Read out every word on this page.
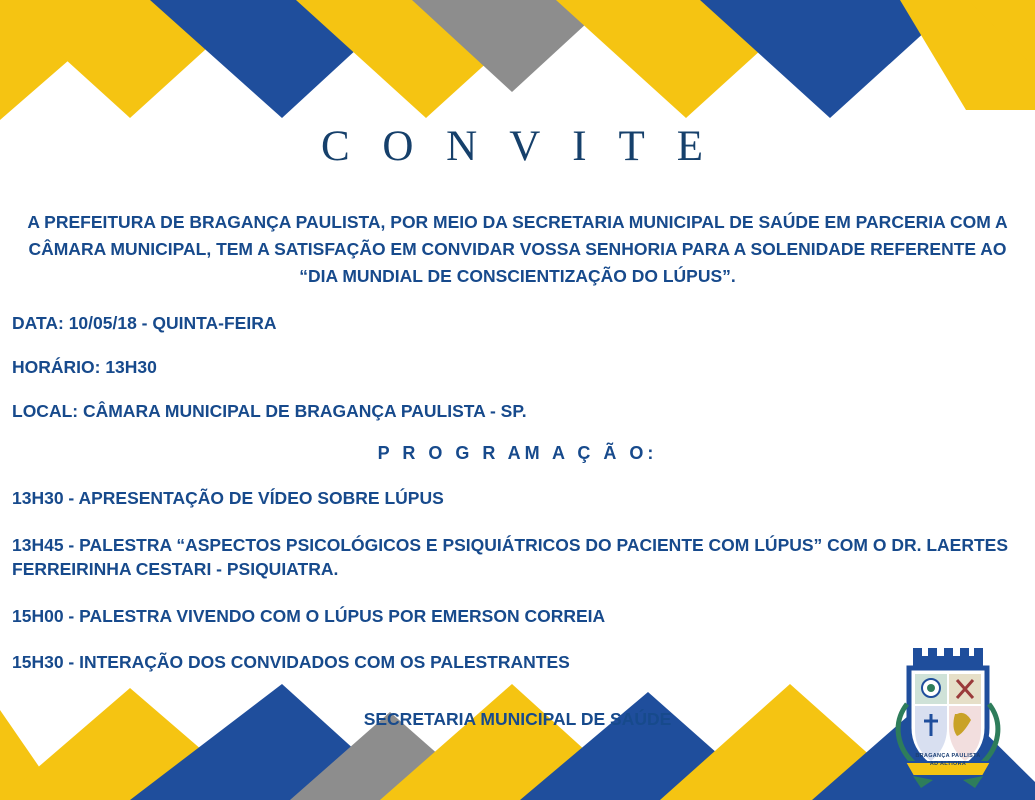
C O N V I T E

A PREFEITURA DE BRAGANÇA PAULISTA, POR MEIO DA SECRETARIA MUNICIPAL DE SAÚDE EM PARCERIA COM A CÂMARA MUNICIPAL, TEM A SATISFAÇÃO EM CONVIDAR VOSSA SENHORIA PARA A SOLENIDADE REFERENTE AO “DIA MUNDIAL DE CONSCIENTIZAÇÃO DO LÚPUS”.

DATA: 10/05/18 - QUINTA-FEIRA
HORÁRIO: 13H30
LOCAL: CÂMARA MUNICIPAL DE BRAGANÇA PAULISTA - SP.
P R O G R AM A Ç Ã O:
13H30 - APRESENTAÇÃO DE VÍDEO SOBRE LÚPUS
13H45 - PALESTRA “ASPECTOS PSICOLÓGICOS E PSIQUIÁTRICOS DO PACIENTE COM LÚPUS” COM O DR. LAERTES FERREIRINHA CESTARI - PSIQUIATRA.
15H00 - PALESTRA VIVENDO COM O LÚPUS POR EMERSON CORREIA
15H30 - INTERAÇÃO DOS CONVIDADOS COM OS PALESTRANTES
SECRETARIA MUNICIPAL DE SAÚDE
BRAGANÇA PAULISTA
AD ALTIORA
